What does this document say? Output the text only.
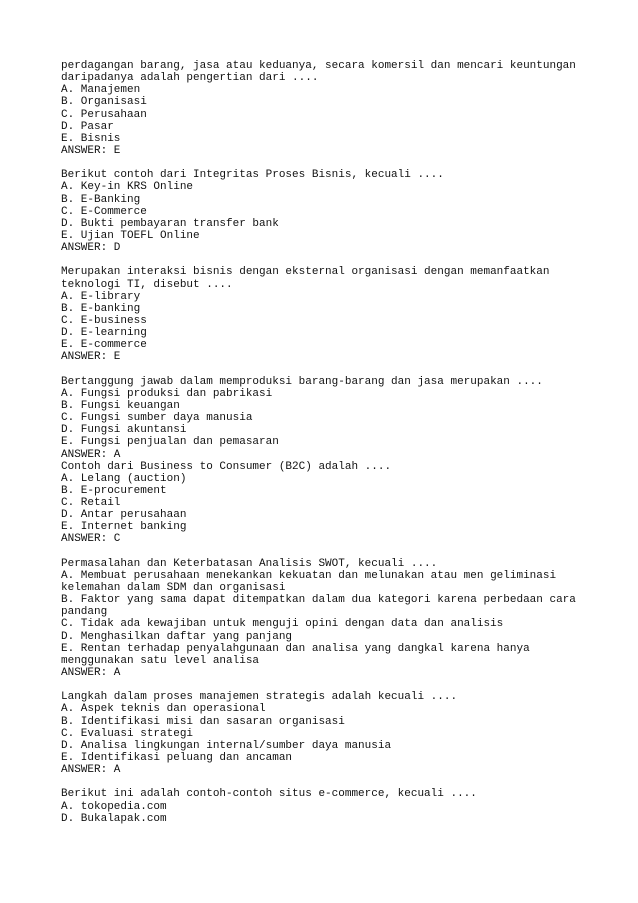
perdagangan barang, jasa atau keduanya, secara komersil dan mencari keuntungan
daripadanya adalah pengertian dari ....
A. Manajemen
B. Organisasi
C. Perusahaan
D. Pasar
E. Bisnis
ANSWER: E
Berikut contoh dari Integritas Proses Bisnis, kecuali ....
A. Key-in KRS Online
B. E-Banking
C. E-Commerce
D. Bukti pembayaran transfer bank
E. Ujian TOEFL Online
ANSWER: D
Merupakan interaksi bisnis dengan eksternal organisasi dengan memanfaatkan
teknologi TI, disebut ....
A. E-library
B. E-banking
C. E-business
D. E-learning
E. E-commerce
ANSWER: E
Bertanggung jawab dalam memproduksi barang-barang dan jasa merupakan ....
A. Fungsi produksi dan pabrikasi
B. Fungsi keuangan
C. Fungsi sumber daya manusia
D. Fungsi akuntansi
E. Fungsi penjualan dan pemasaran
ANSWER: A
Contoh dari Business to Consumer (B2C) adalah ....
A. Lelang (auction)
B. E-procurement
C. Retail
D. Antar perusahaan
E. Internet banking
ANSWER: C
Permasalahan dan Keterbatasan Analisis SWOT, kecuali ....
A. Membuat perusahaan menekankan kekuatan dan melunakan atau men geliminasi
kelemahan dalam SDM dan organisasi
B. Faktor yang sama dapat ditempatkan dalam dua kategori karena perbedaan cara
pandang
C. Tidak ada kewajiban untuk menguji opini dengan data dan analisis
D. Menghasilkan daftar yang panjang
E. Rentan terhadap penyalahgunaan dan analisa yang dangkal karena hanya
menggunakan satu level analisa
ANSWER: A
Langkah dalam proses manajemen strategis adalah kecuali ....
A. Aspek teknis dan operasional
B. Identifikasi misi dan sasaran organisasi
C. Evaluasi strategi
D. Analisa lingkungan internal/sumber daya manusia
E. Identifikasi peluang dan ancaman
ANSWER: A
Berikut ini adalah contoh-contoh situs e-commerce, kecuali ....
A. tokopedia.com
D. Bukalapak.com
